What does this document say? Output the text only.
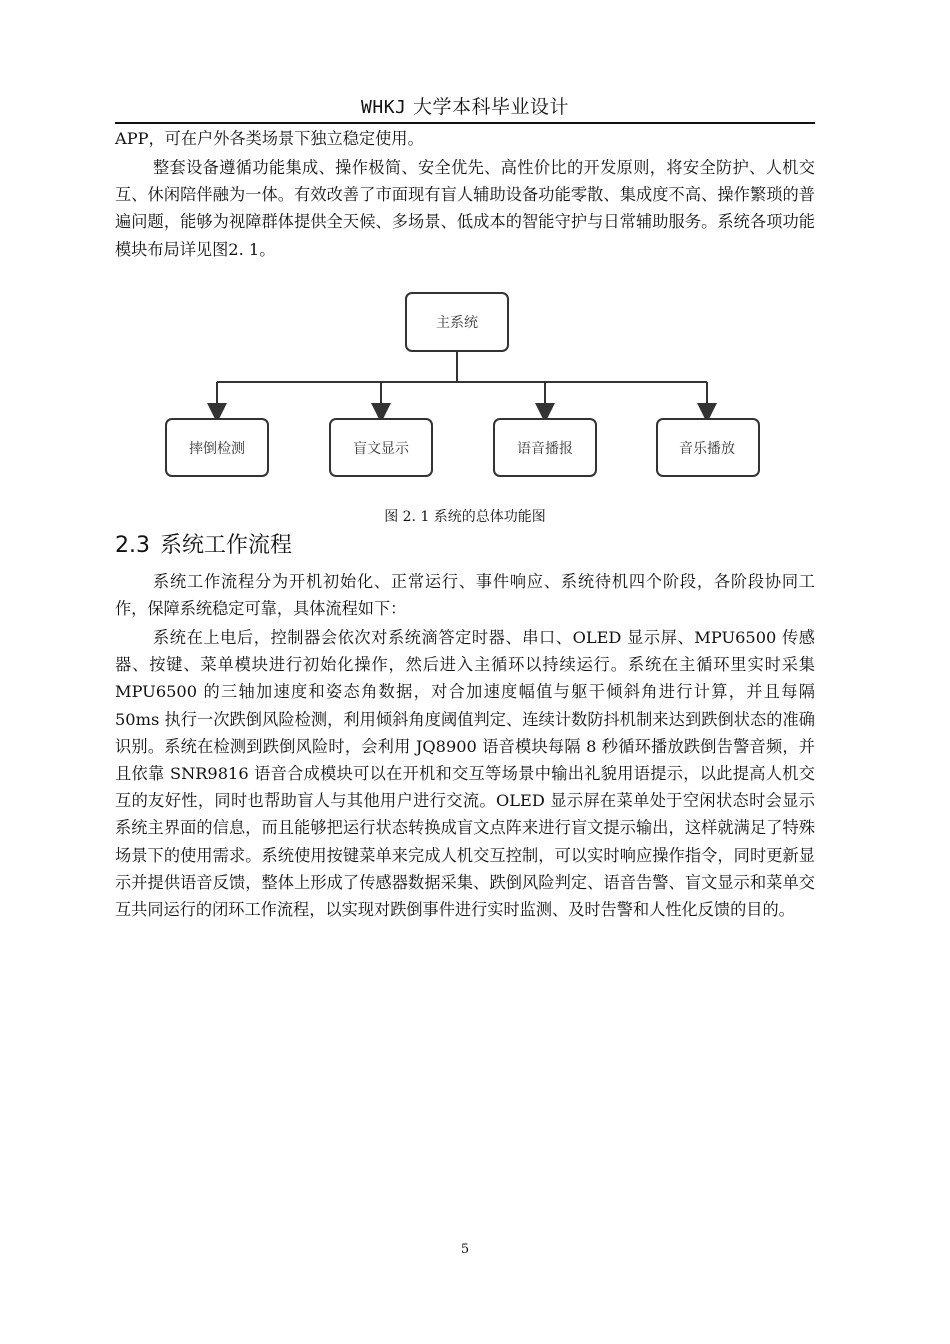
WHKJ 大学本科毕业设计

APP，可在户外各类场景下独立稳定使用。

整套设备遵循功能集成、操作极简、安全优先、高性价比的开发原则，将安全防护、人机交互、休闲陪伴融为一体。有效改善了市面现有盲人辅助设备功能零散、集成度不高、操作繁琐的普遍问题，能够为视障群体提供全天候、多场景、低成本的智能守护与日常辅助服务。系统各项功能模块布局详见图2. 1。

主系统
摔倒检测	盲文显示	语音播报	音乐播放
图 2. 1 系统的总体功能图
2.3 系统工作流程

系统工作流程分为开机初始化、正常运行、事件响应、系统待机四个阶段，各阶段协同工作，保障系统稳定可靠，具体流程如下：

系统在上电后，控制器会依次对系统滴答定时器、串口、OLED 显示屏、MPU6500 传感器、按键、菜单模块进行初始化操作，然后进入主循环以持续运行。系统在主循环里实时采集 MPU6500 的三轴加速度和姿态角数据，对合加速度幅值与躯干倾斜角进行计算，并且每隔 50ms 执行一次跌倒风险检测，利用倾斜角度阈值判定、连续计数防抖机制来达到跌倒状态的准确识别。系统在检测到跌倒风险时，会利用 JQ8900 语音模块每隔 8 秒循环播放跌倒告警音频，并且依靠 SNR9816 语音合成模块可以在开机和交互等场景中输出礼貌用语提示，以此提高人机交互的友好性，同时也帮助盲人与其他用户进行交流。OLED 显示屏在菜单处于空闲状态时会显示系统主界面的信息，而且能够把运行状态转换成盲文点阵来进行盲文提示输出，这样就满足了特殊场景下的使用需求。系统使用按键菜单来完成人机交互控制，可以实时响应操作指令，同时更新显示并提供语音反馈，整体上形成了传感器数据采集、跌倒风险判定、语音告警、盲文显示和菜单交互共同运行的闭环工作流程，以实现对跌倒事件进行实时监测、及时告警和人性化反馈的目的。

5
